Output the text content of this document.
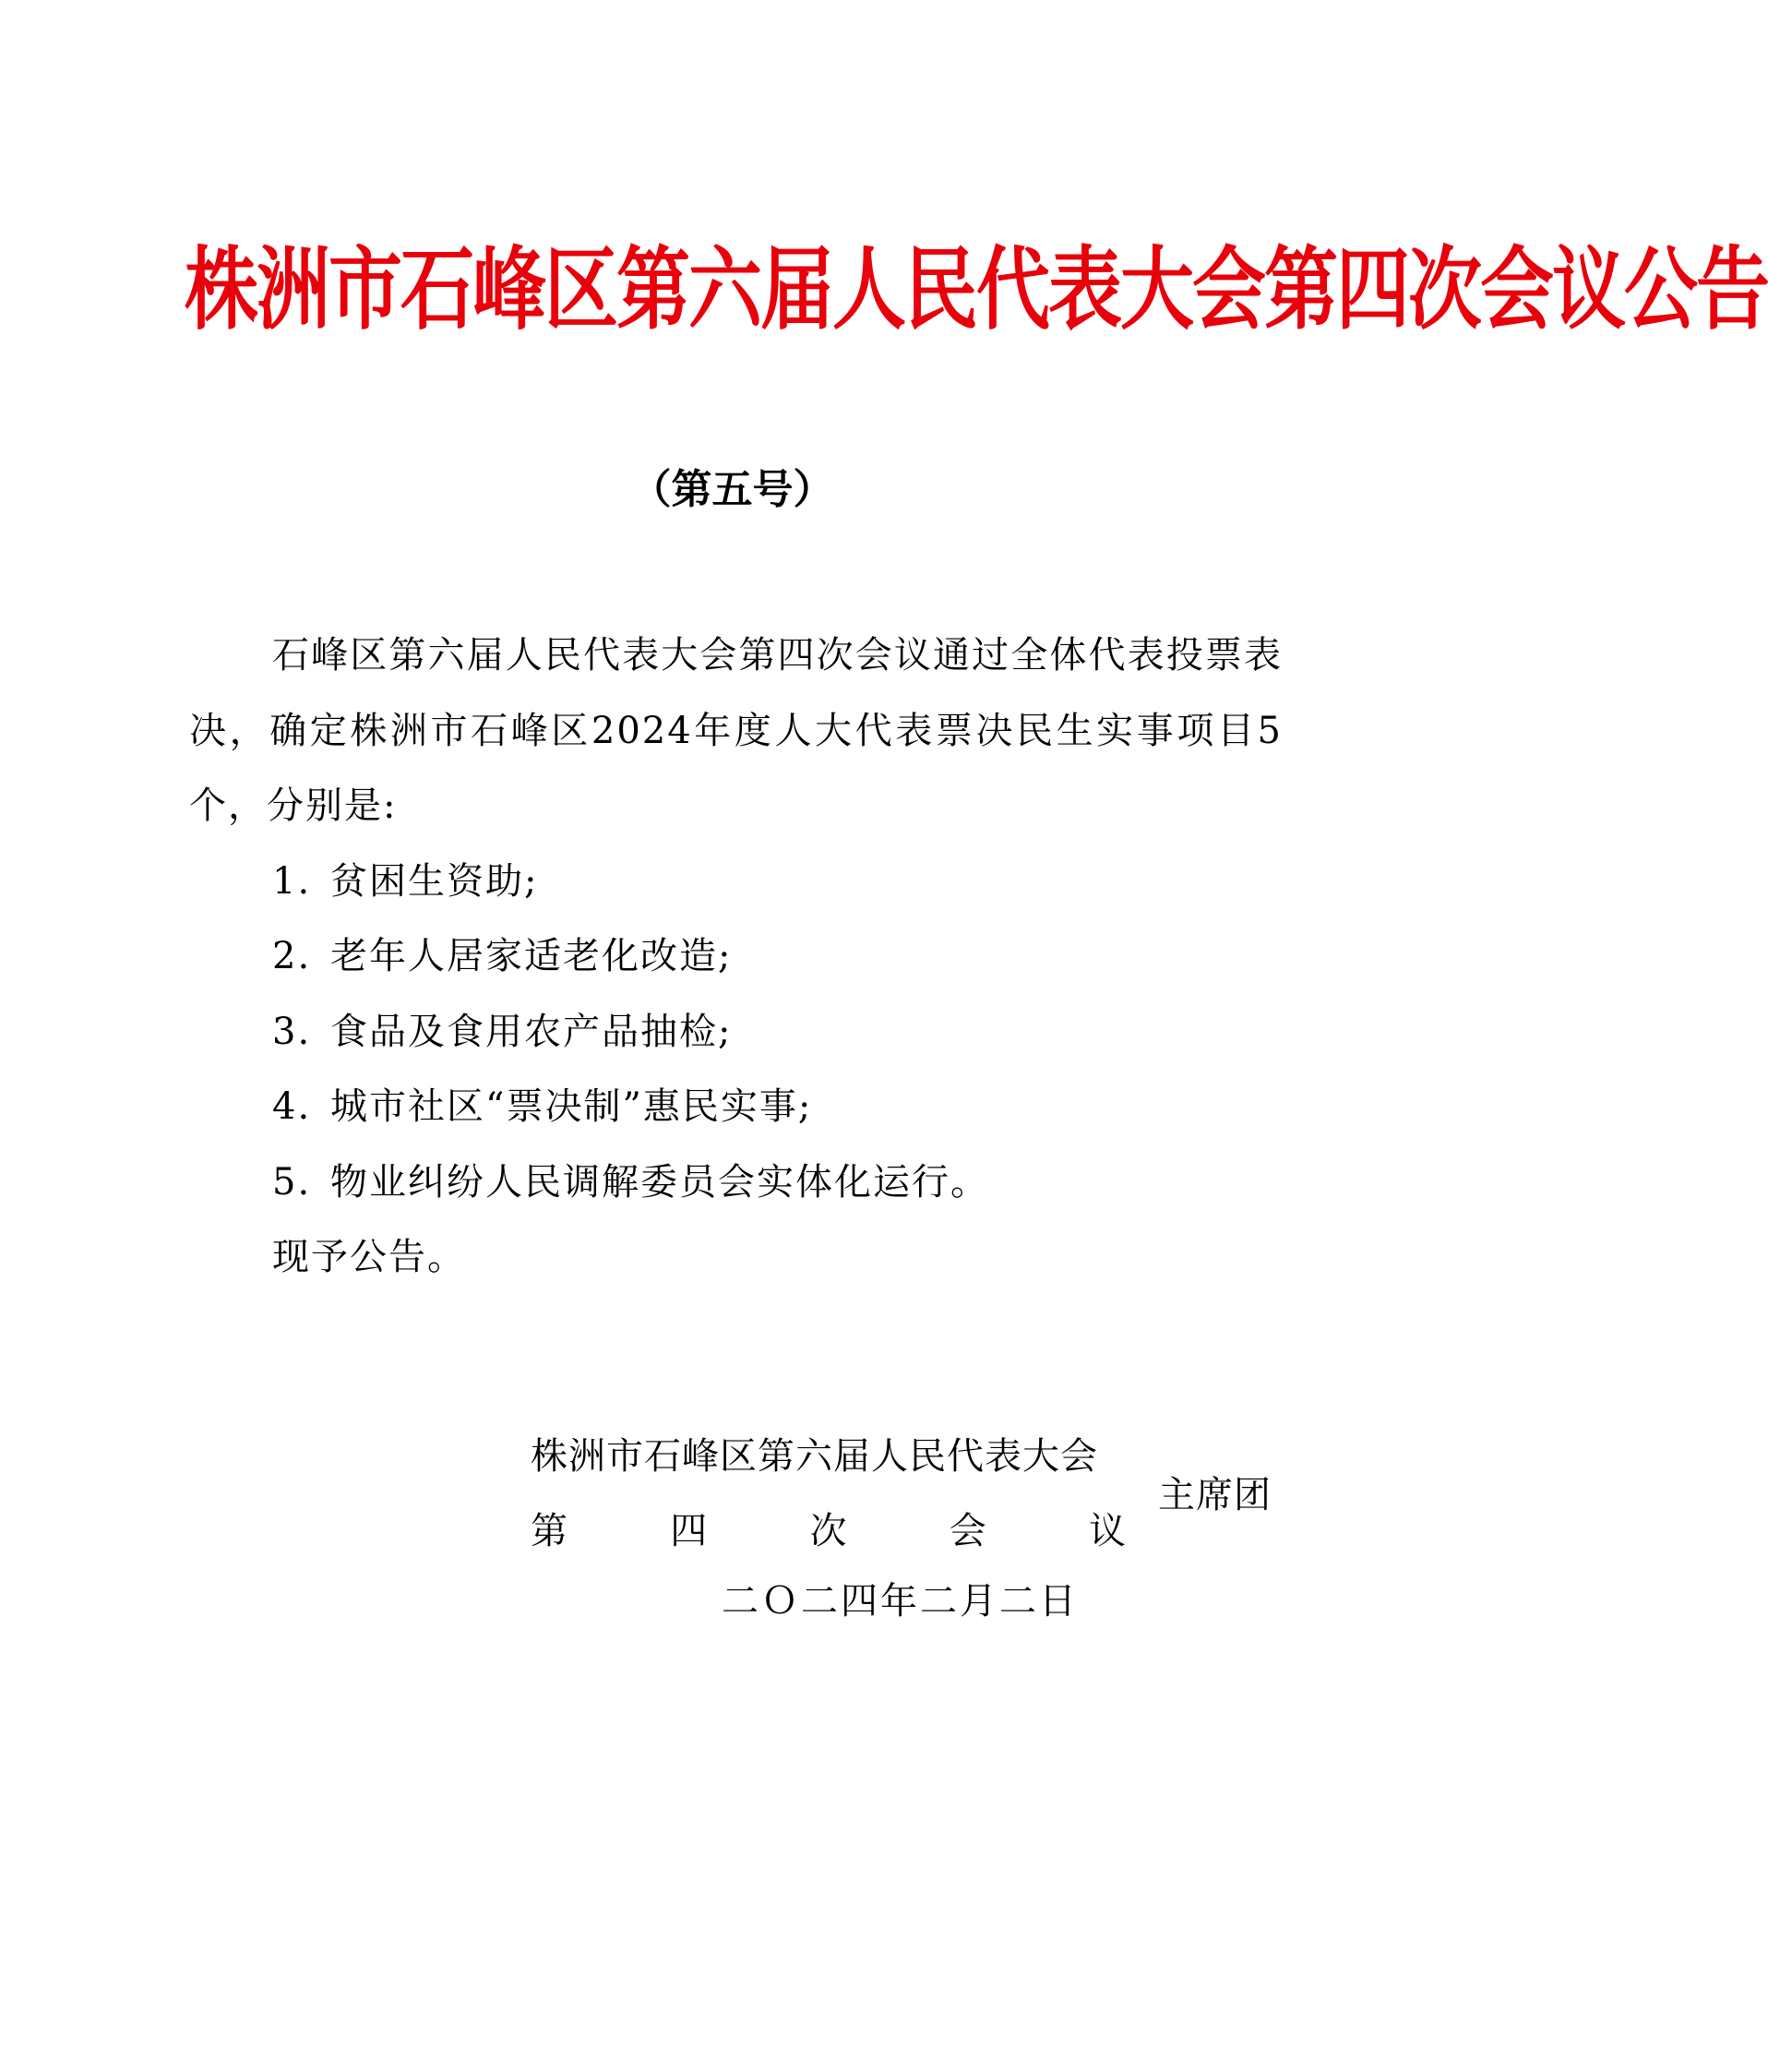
株洲市石峰区第六届人民代表大会第四次会议公告
（第五号）

石峰区第六届人民代表大会第四次会议通过全体代表投票表决，确定株洲市石峰区2024年度人大代表票决民生实事项目5个，分别是:

1. 贫困生资助;

2. 老年人居家适老化改造;

3. 食品及食用农产品抽检;

4. 城市社区“票决制”惠民实事;

5. 物业纠纷人民调解委员会实体化运行。

现予公告。

株洲市石峰区第六届人民代表大会
第	四	次	会	议
主席团
二Ｏ二四年二月二日
